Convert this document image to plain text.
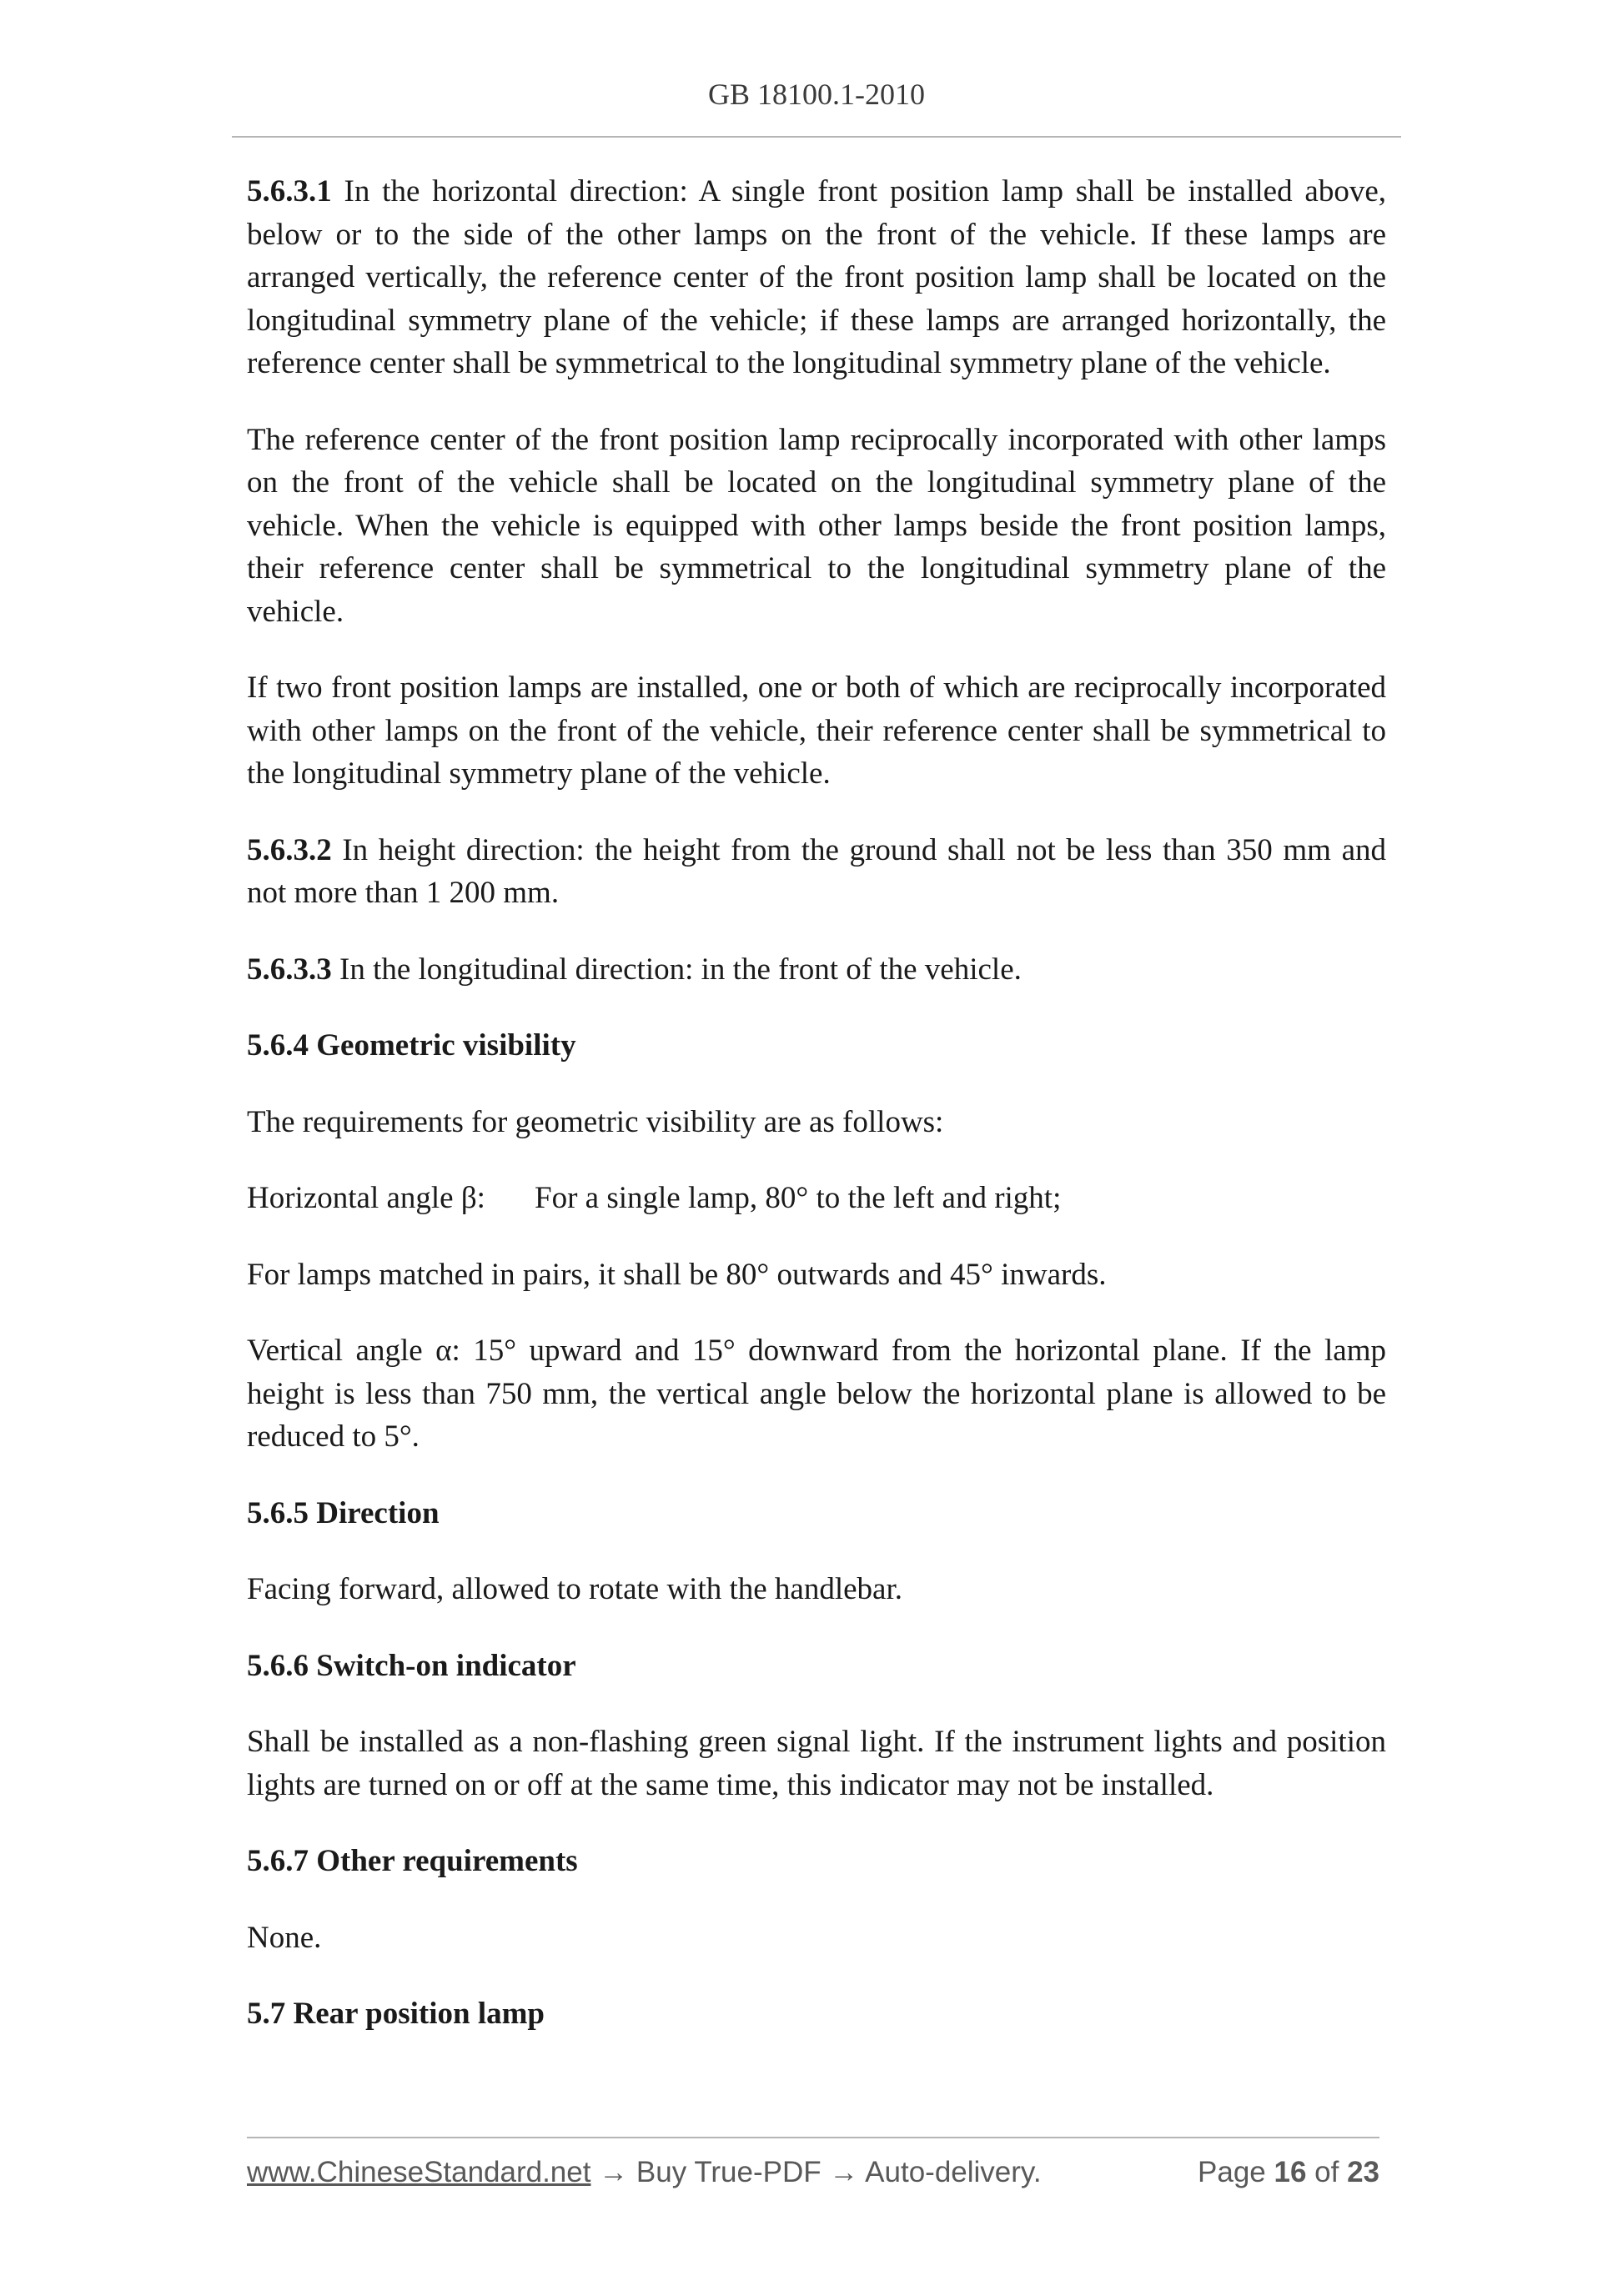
GB 18100.1-2010

5.6.3.1 In the horizontal direction: A single front position lamp shall be installed above, below or to the side of the other lamps on the front of the vehicle. If these lamps are arranged vertically, the reference center of the front position lamp shall be located on the longitudinal symmetry plane of the vehicle; if these lamps are arranged horizontally, the reference center shall be symmetrical to the longitudinal symmetry plane of the vehicle.

The reference center of the front position lamp reciprocally incorporated with other lamps on the front of the vehicle shall be located on the longitudinal symmetry plane of the vehicle. When the vehicle is equipped with other lamps beside the front position lamps, their reference center shall be symmetrical to the longitudinal symmetry plane of the vehicle.

If two front position lamps are installed, one or both of which are reciprocally incorporated with other lamps on the front of the vehicle, their reference center shall be symmetrical to the longitudinal symmetry plane of the vehicle.

5.6.3.2 In height direction: the height from the ground shall not be less than 350 mm and not more than 1 200 mm.

5.6.3.3 In the longitudinal direction: in the front of the vehicle.

5.6.4 Geometric visibility

The requirements for geometric visibility are as follows:

Horizontal angle β:	For a single lamp, 80° to the left and right;

For lamps matched in pairs, it shall be 80° outwards and 45° inwards.

Vertical angle α: 15° upward and 15° downward from the horizontal plane. If the lamp height is less than 750 mm, the vertical angle below the horizontal plane is allowed to be reduced to 5°.

5.6.5 Direction

Facing forward, allowed to rotate with the handlebar.

5.6.6 Switch-on indicator

Shall be installed as a non-flashing green signal light. If the instrument lights and position lights are turned on or off at the same time, this indicator may not be installed.

5.6.7 Other requirements

None.

5.7 Rear position lamp

www.ChineseStandard.net → Buy True-PDF → Auto-delivery.	Page 16 of 23
